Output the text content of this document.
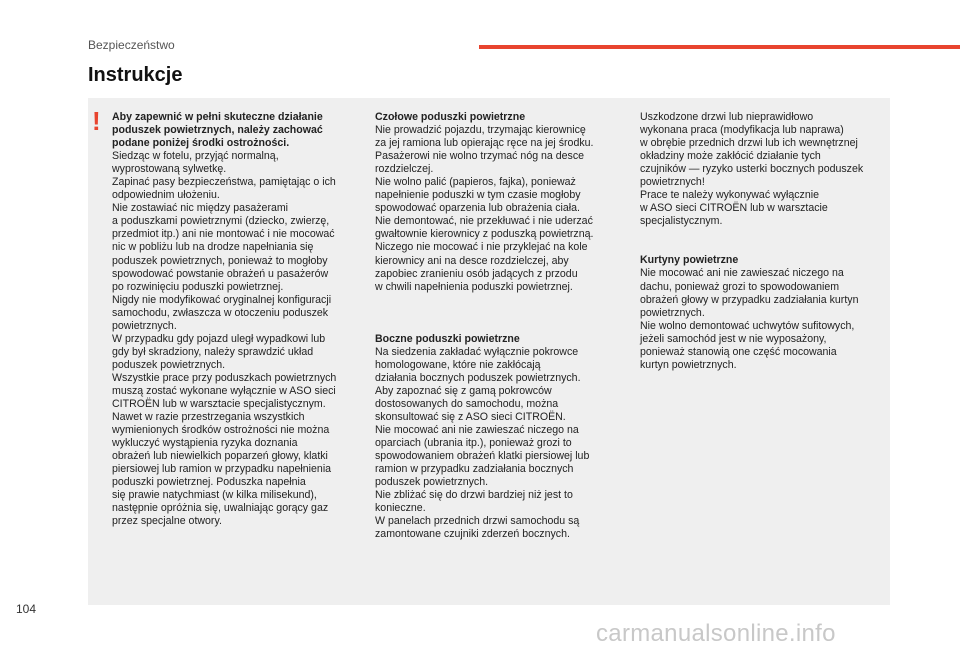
Bezpieczeństwo
Instrukcje
! Aby zapewnić w pełni skuteczne działanie
poduszek powietrznych, należy zachować
podane poniżej środki ostrożności.

Siedząc w fotelu, przyjąć normalną,
wyprostowaną sylwetkę.
Zapinać pasy bezpieczeństwa, pamiętając o ich
odpowiednim ułożeniu.
Nie zostawiać nic między pasażerami
a poduszkami powietrznymi (dziecko, zwierzę,
przedmiot itp.) ani nie montować i nie mocować
nic w pobliżu lub na drodze napełniania się
poduszek powietrznych, ponieważ to mogłoby
spowodować powstanie obrażeń u pasażerów
po rozwinięciu poduszki powietrznej.
Nigdy nie modyfikować oryginalnej konfiguracji
samochodu, zwłaszcza w otoczeniu poduszek
powietrznych.
W przypadku gdy pojazd uległ wypadkowi lub
gdy był skradziony, należy sprawdzić układ
poduszek powietrznych.
Wszystkie prace przy poduszkach powietrznych
muszą zostać wykonane wyłącznie w ASO sieci
CITROËN lub w warsztacie specjalistycznym.
Nawet w razie przestrzegania wszystkich
wymienionych środków ostrożności nie można
wykluczyć wystąpienia ryzyka doznania
obrażeń lub niewielkich poparzeń głowy, klatki
piersiowej lub ramion w przypadku napełnienia
poduszki powietrznej. Poduszka napełnia
się prawie natychmiast (w kilka milisekund),
następnie opróżnia się, uwalniając gorący gaz
przez specjalne otwory.

Czołowe poduszki powietrzne

Nie prowadzić pojazdu, trzymając kierownicę
za jej ramiona lub opierając ręce na jej środku.
Pasażerowi nie wolno trzymać nóg na desce
rozdzielczej.
Nie wolno palić (papieros, fajka), ponieważ
napełnienie poduszki w tym czasie mogłoby
spowodować oparzenia lub obrażenia ciała.
Nie demontować, nie przekłuwać i nie uderzać
gwałtownie kierownicy z poduszką powietrzną.
Niczego nie mocować i nie przyklejać na kole
kierownicy ani na desce rozdzielczej, aby
zapobiec zranieniu osób jadących z przodu
w chwili napełnienia poduszki powietrznej.

Boczne poduszki powietrzne

Na siedzenia zakładać wyłącznie pokrowce
homologowane, które nie zakłócają
działania bocznych poduszek powietrznych.
Aby zapoznać się z gamą pokrowców
dostosowanych do samochodu, można
skonsultować się z ASO sieci CITROËN.
Nie mocować ani nie zawieszać niczego na
oparciach (ubrania itp.), ponieważ grozi to
spowodowaniem obrażeń klatki piersiowej lub
ramion w przypadku zadziałania bocznych
poduszek powietrznych.
Nie zbliżać się do drzwi bardziej niż jest to
konieczne.
W panelach przednich drzwi samochodu są
zamontowane czujniki zderzeń bocznych.

Uszkodzone drzwi lub nieprawidłowo
wykonana praca (modyfikacja lub naprawa)
w obrębie przednich drzwi lub ich wewnętrznej
okładziny może zakłócić działanie tych
czujników — ryzyko usterki bocznych poduszek
powietrznych!
Prace te należy wykonywać wyłącznie
w ASO sieci CITROËN lub w warsztacie
specjalistycznym.

Kurtyny powietrzne

Nie mocować ani nie zawieszać niczego na
dachu, ponieważ grozi to spowodowaniem
obrażeń głowy w przypadku zadziałania kurtyn
powietrznych.
Nie wolno demontować uchwytów sufitowych,
jeżeli samochód jest w nie wyposażony,
ponieważ stanowią one część mocowania
kurtyn powietrznych.

104
carmanualsonline.info
